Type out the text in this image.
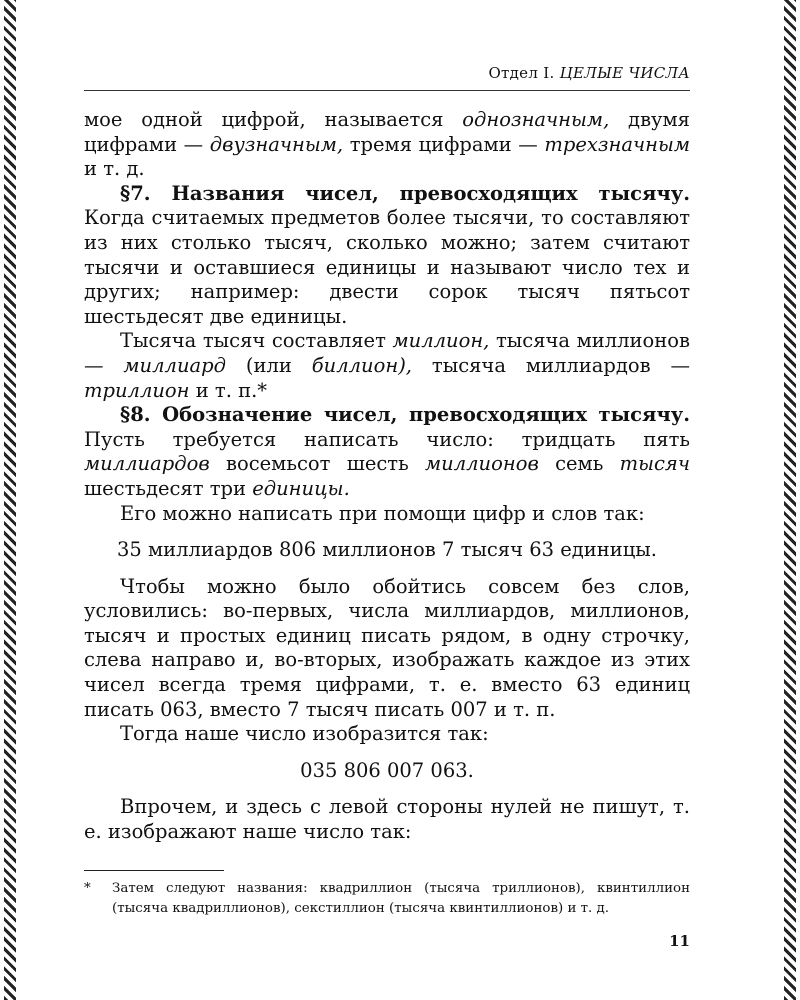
Отдел I. ЦЕЛЫЕ ЧИСЛА

мое одной цифрой, называется однозначным, двумя цифрами — двузначным, тремя цифрами — трехзначным и т. д.

§7. Названия чисел, превосходящих тысячу. Когда считаемых предметов более тысячи, то составляют из них столько тысяч, сколько можно; затем считают тысячи и оставшиеся единицы и называют число тех и других; например: двести сорок тысяч пятьсот шестьдесят две единицы.

Тысяча тысяч составляет миллион, тысяча миллионов — миллиард (или биллион), тысяча миллиардов — триллион и т. п.*

§8. Обозначение чисел, превосходящих тысячу. Пусть требуется написать число: тридцать пять миллиардов восемьсот шесть миллионов семь тысяч шестьдесят три единицы.

Его можно написать при помощи цифр и слов так:

35 миллиардов 806 миллионов 7 тысяч 63 единицы.

Чтобы можно было обойтись совсем без слов, условились: во-первых, числа миллиардов, миллионов, тысяч и простых единиц писать рядом, в одну строчку, слева направо и, во-вторых, изображать каждое из этих чисел всегда тремя цифрами, т. е. вместо 63 единиц писать 063, вместо 7 тысяч писать 007 и т. п.

Тогда наше число изобразится так:

035 806 007 063.

Впрочем, и здесь с левой стороны нулей не пишут, т. е. изображают наше число так:

* Затем следуют названия: квадриллион (тысяча триллионов), квинтиллион (тысяча квадриллионов), секстиллион (тысяча квинтиллионов) и т. д.
11
